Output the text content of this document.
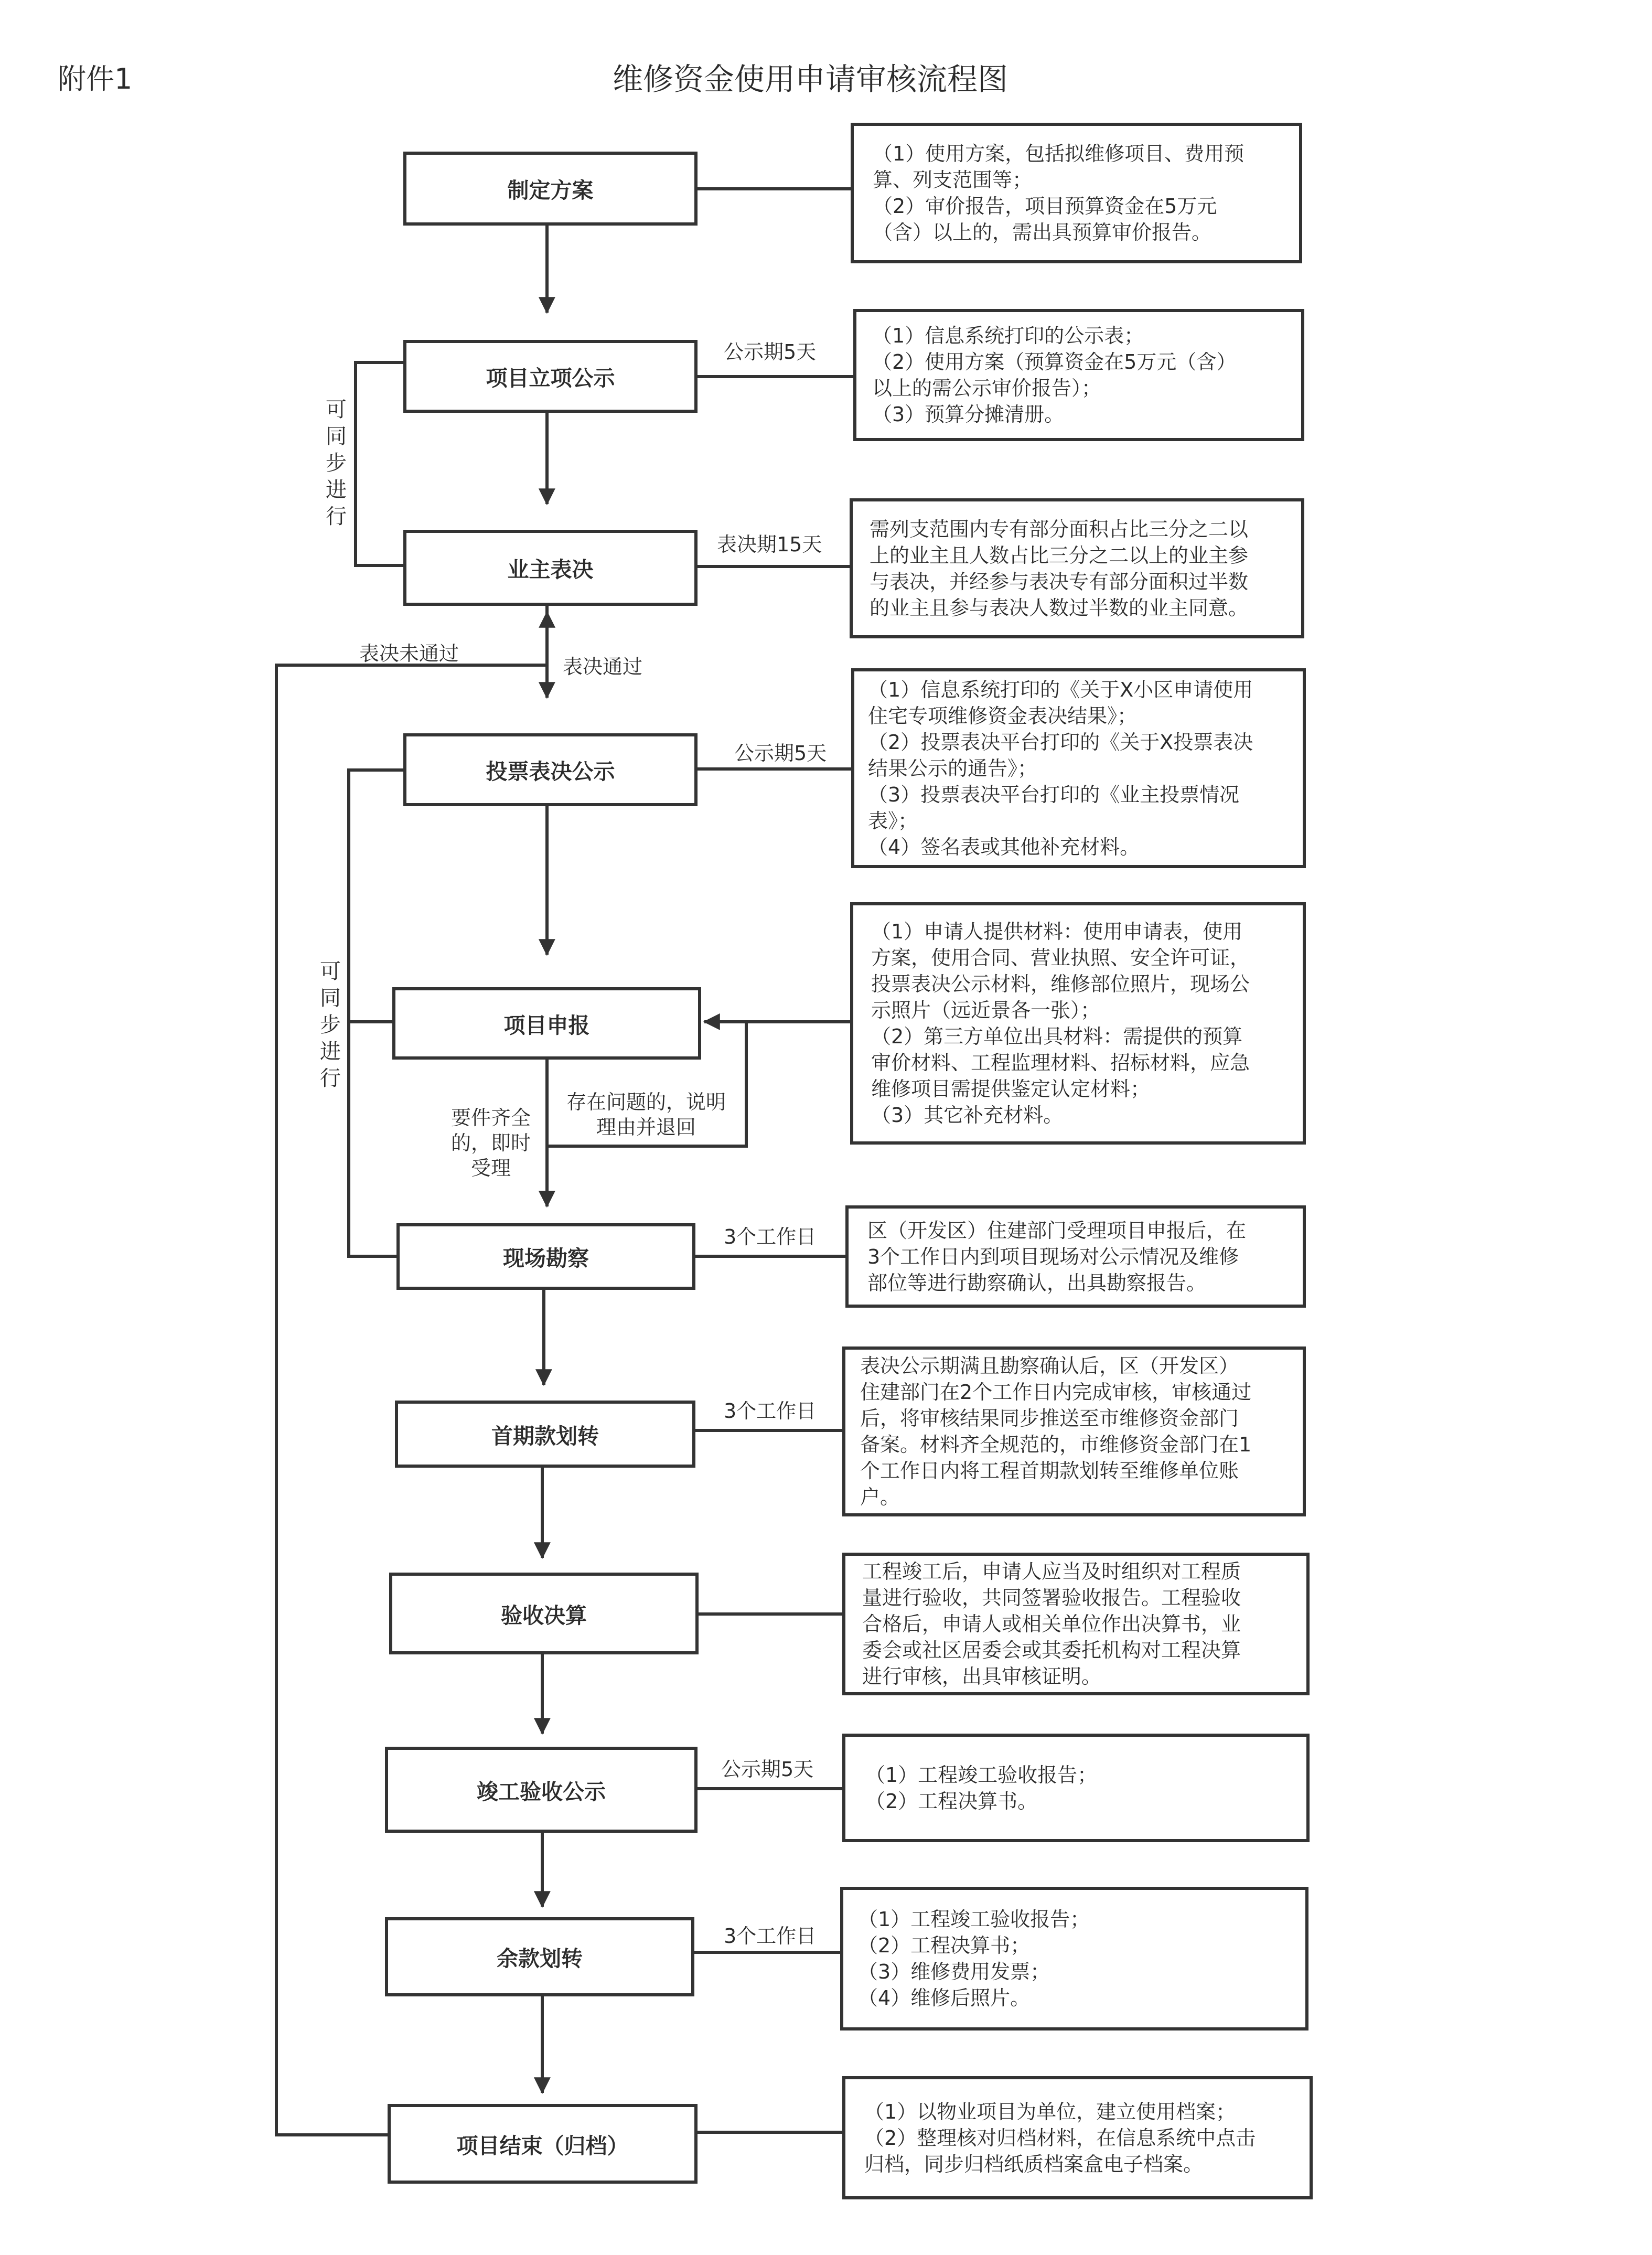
附件1	维修资金使用申请审核流程图
制定方案
项目立项公示
业主表决
投票表决公示
项目申报
现场勘察
首期款划转
验收决算
竣工验收公示
余款划转
项目结束（归档）
（1）使用方案，包括拟维修项目、费用预
算、列支范围等；
（2）审价报告，项目预算资金在5万元
（含）以上的，需出具预算审价报告。
（1）信息系统打印的公示表；
（2）使用方案（预算资金在5万元（含）
以上的需公示审价报告）；
（3）预算分摊清册。
需列支范围内专有部分面积占比三分之二以
上的业主且人数占比三分之二以上的业主参
与表决，并经参与表决专有部分面积过半数
的业主且参与表决人数过半数的业主同意。
（1）信息系统打印的《关于X小区申请使用
住宅专项维修资金表决结果》；
（2）投票表决平台打印的《关于X投票表决
结果公示的通告》；
（3）投票表决平台打印的《业主投票情况
表》；
（4）签名表或其他补充材料。
（1）申请人提供材料：使用申请表，使用
方案，使用合同、营业执照、安全许可证，
投票表决公示材料，维修部位照片，现场公
示照片（远近景各一张）；
（2）第三方单位出具材料：需提供的预算
审价材料、工程监理材料、招标材料，应急
维修项目需提供鉴定认定材料；
（3）其它补充材料。
区（开发区）住建部门受理项目申报后，在
3个工作日内到项目现场对公示情况及维修
部位等进行勘察确认，出具勘察报告。
表决公示期满且勘察确认后，区（开发区）
住建部门在2个工作日内完成审核，审核通过
后，将审核结果同步推送至市维修资金部门
备案。材料齐全规范的，市维修资金部门在1
个工作日内将工程首期款划转至维修单位账
户。
工程竣工后，申请人应当及时组织对工程质
量进行验收，共同签署验收报告。工程验收
合格后，申请人或相关单位作出决算书，业
委会或社区居委会或其委托机构对工程决算
进行审核，出具审核证明。
（1）工程竣工验收报告；
（2）工程决算书。
（1）工程竣工验收报告；
（2）工程决算书；
（3）维修费用发票；
（4）维修后照片。
（1）以物业项目为单位，建立使用档案；
（2）整理核对归档材料，在信息系统中点击
归档，同步归档纸质档案盒电子档案。
公示期5天
表决期15天
公示期5天
3个工作日
3个工作日
公示期5天
3个工作日
可同步进行
可同步进行
表决未通过
表决通过
要件齐全
的，即时
受理
存在问题的，说明
理由并退回
